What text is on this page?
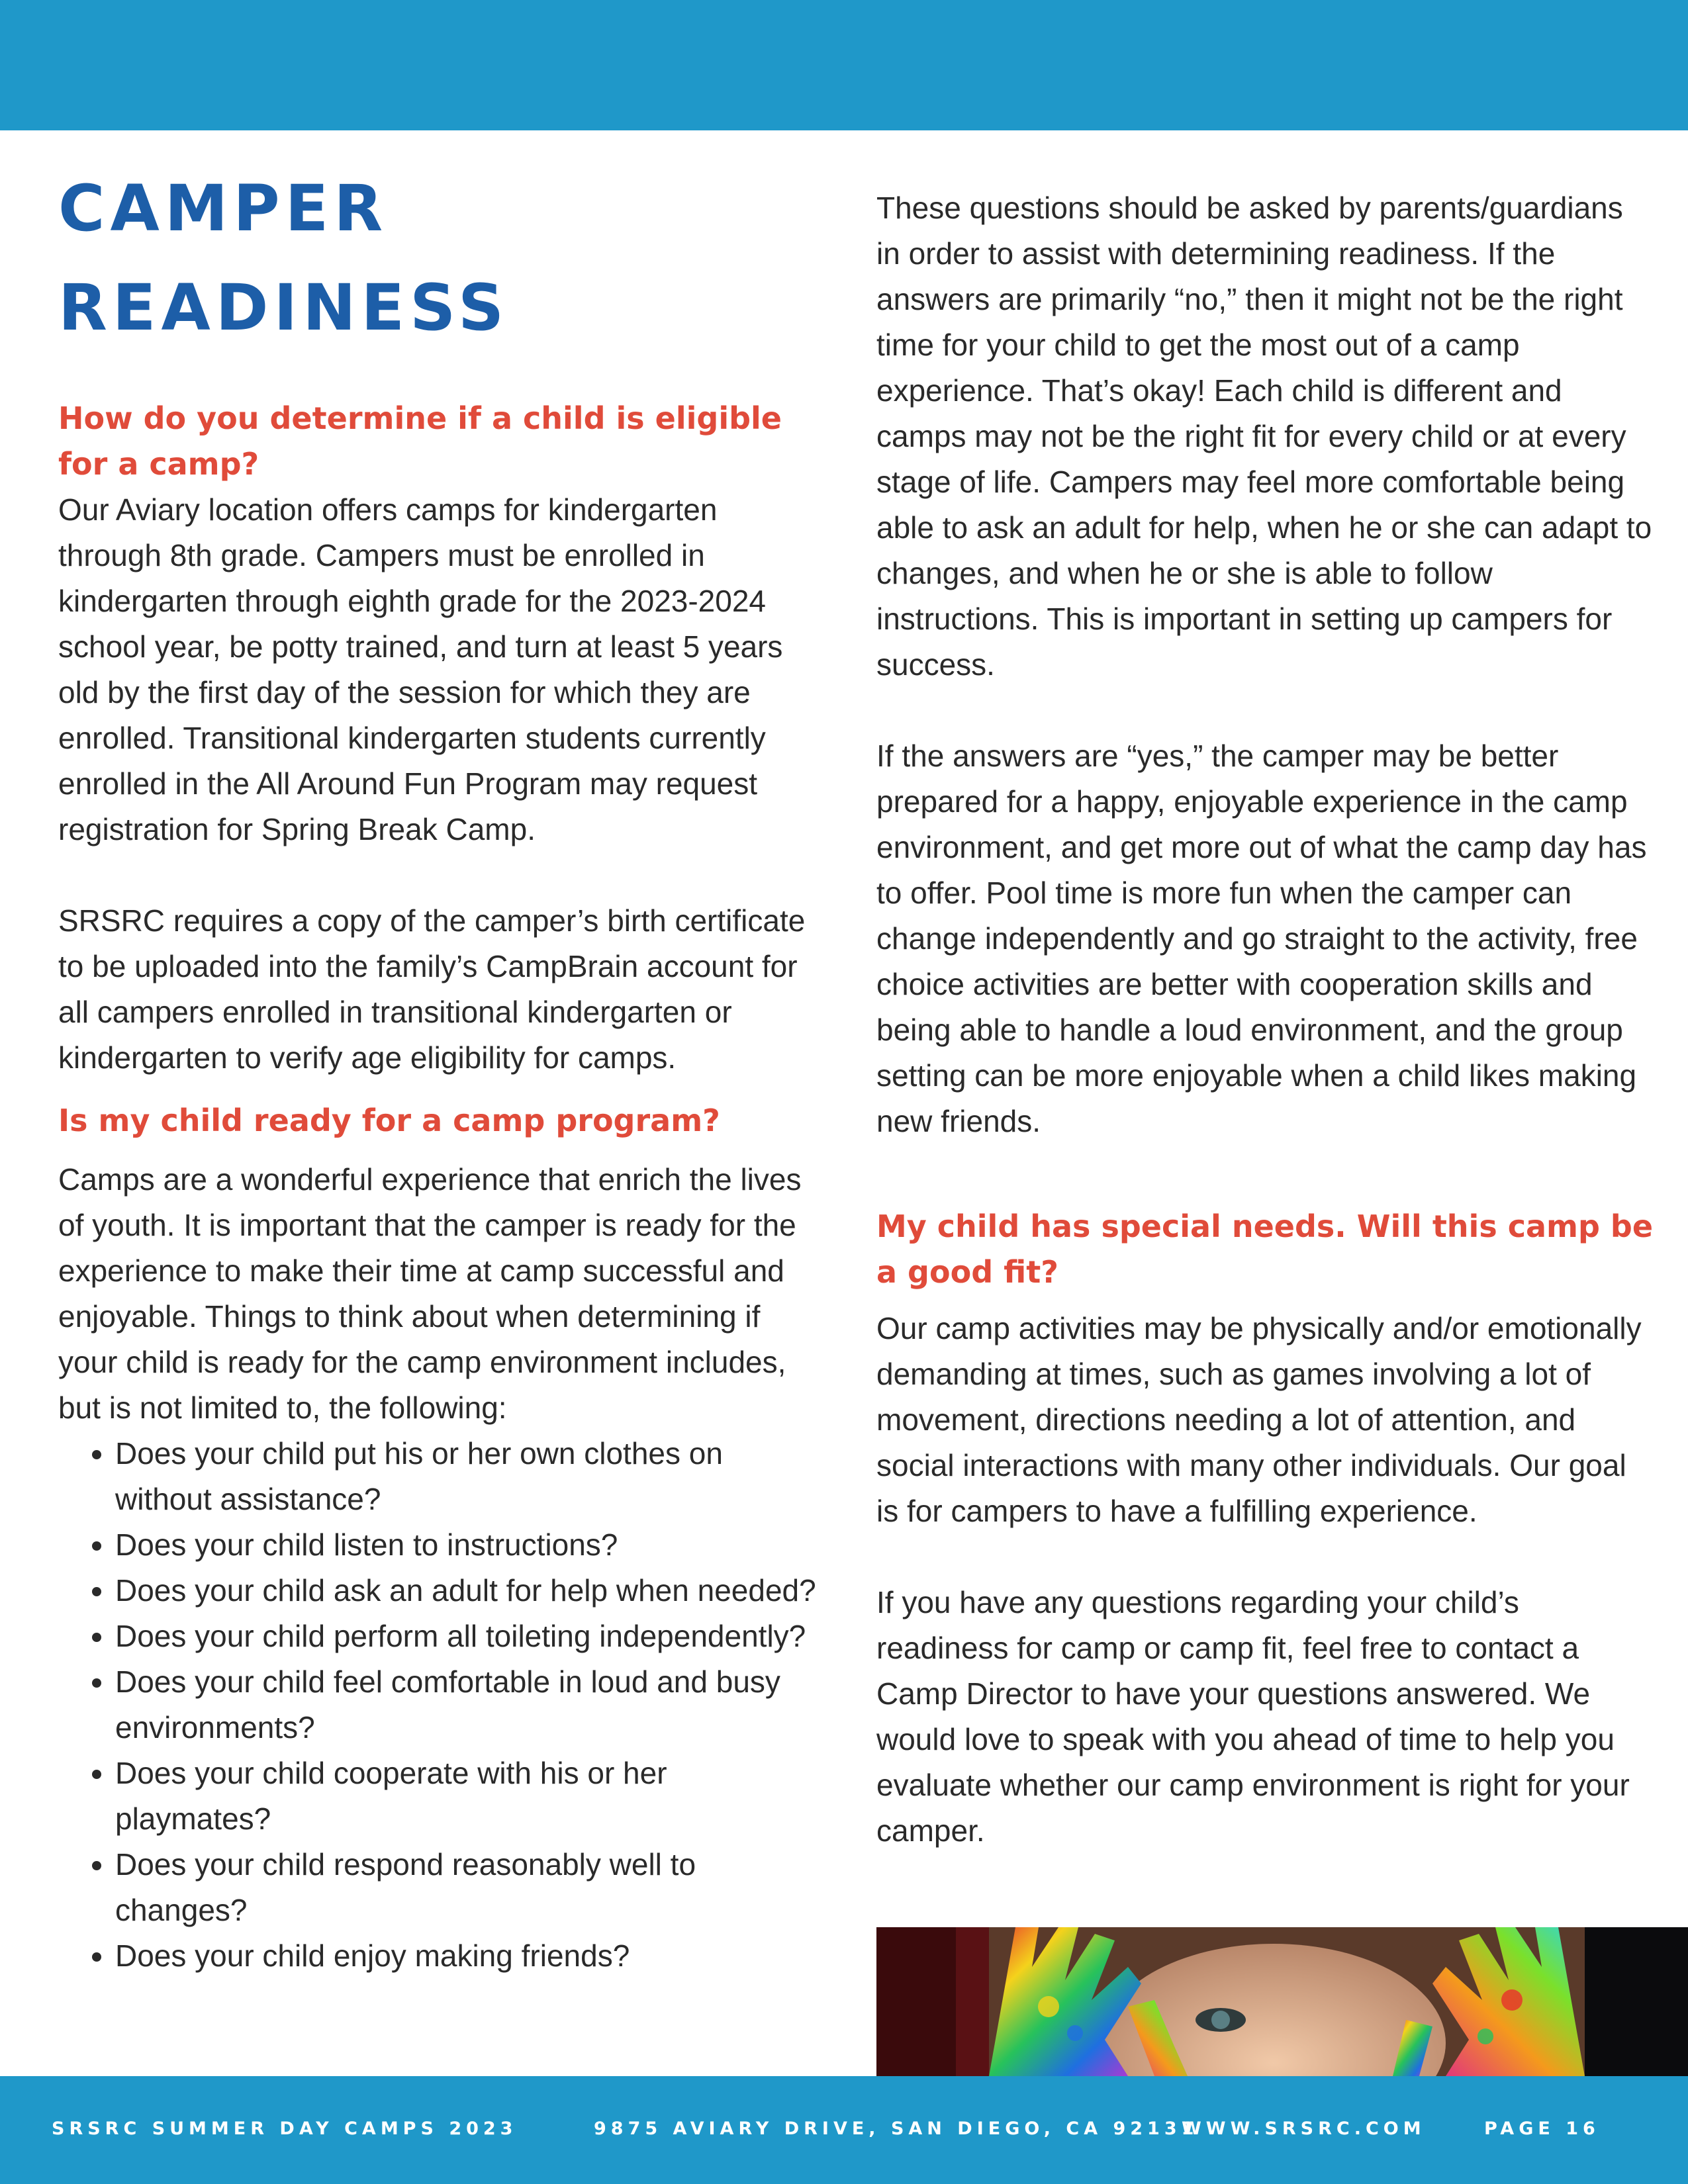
CAMPER READINESS
How do you determine if a child is eligible for a camp?

Our Aviary location offers camps for kindergarten through 8th grade. Campers must be enrolled in kindergarten through eighth grade for the 2023-2024 school year, be potty trained, and turn at least 5 years old by the first day of the session for which they are enrolled. Transitional kindergarten students currently enrolled in the All Around Fun Program may request registration for Spring Break Camp.

SRSRC requires a copy of the camper’s birth certificate to be uploaded into the family’s CampBrain account for all campers enrolled in transitional kindergarten or kindergarten to verify age eligibility for camps.

Is my child ready for a camp program?

Camps are a wonderful experience that enrich the lives of youth. It is important that the camper is ready for the experience to make their time at camp successful and enjoyable. Things to think about when determining if your child is ready for the camp environment includes, but is not limited to, the following:

• Does your child put his or her own clothes on without assistance?
• Does your child listen to instructions?
• Does your child ask an adult for help when needed?
• Does your child perform all toileting independently?
• Does your child feel comfortable in loud and busy environments?
• Does your child cooperate with his or her playmates?
• Does your child respond reasonably well to changes?
• Does your child enjoy making friends?

These questions should be asked by parents/guardians in order to assist with determining readiness. If the answers are primarily “no,” then it might not be the right time for your child to get the most out of a camp experience. That’s okay! Each child is different and camps may not be the right fit for every child or at every stage of life. Campers may feel more comfortable being able to ask an adult for help, when he or she can adapt to changes, and when he or she is able to follow instructions. This is important in setting up campers for success.

If the answers are “yes,” the camper may be better prepared for a happy, enjoyable experience in the camp environment, and get more out of what the camp day has to offer. Pool time is more fun when the camper can change independently and go straight to the activity, free choice activities are better with cooperation skills and being able to handle a loud environment, and the group setting can be more enjoyable when a child likes making new friends.

My child has special needs. Will this camp be a good fit?

Our camp activities may be physically and/or emotionally demanding at times, such as games involving a lot of movement, directions needing a lot of attention, and social interactions with many other individuals. Our goal is for campers to have a fulfilling experience.

If you have any questions regarding your child’s readiness for camp or camp fit, feel free to contact a Camp Director to have your questions answered. We would love to speak with you ahead of time to help you evaluate whether our camp environment is right for your camper.

SRSRC SUMMER DAY CAMPS 2023	9875 AVIARY DRIVE, SAN DIEGO, CA 92131
WWW.SRSRC.COM	PAGE 16
